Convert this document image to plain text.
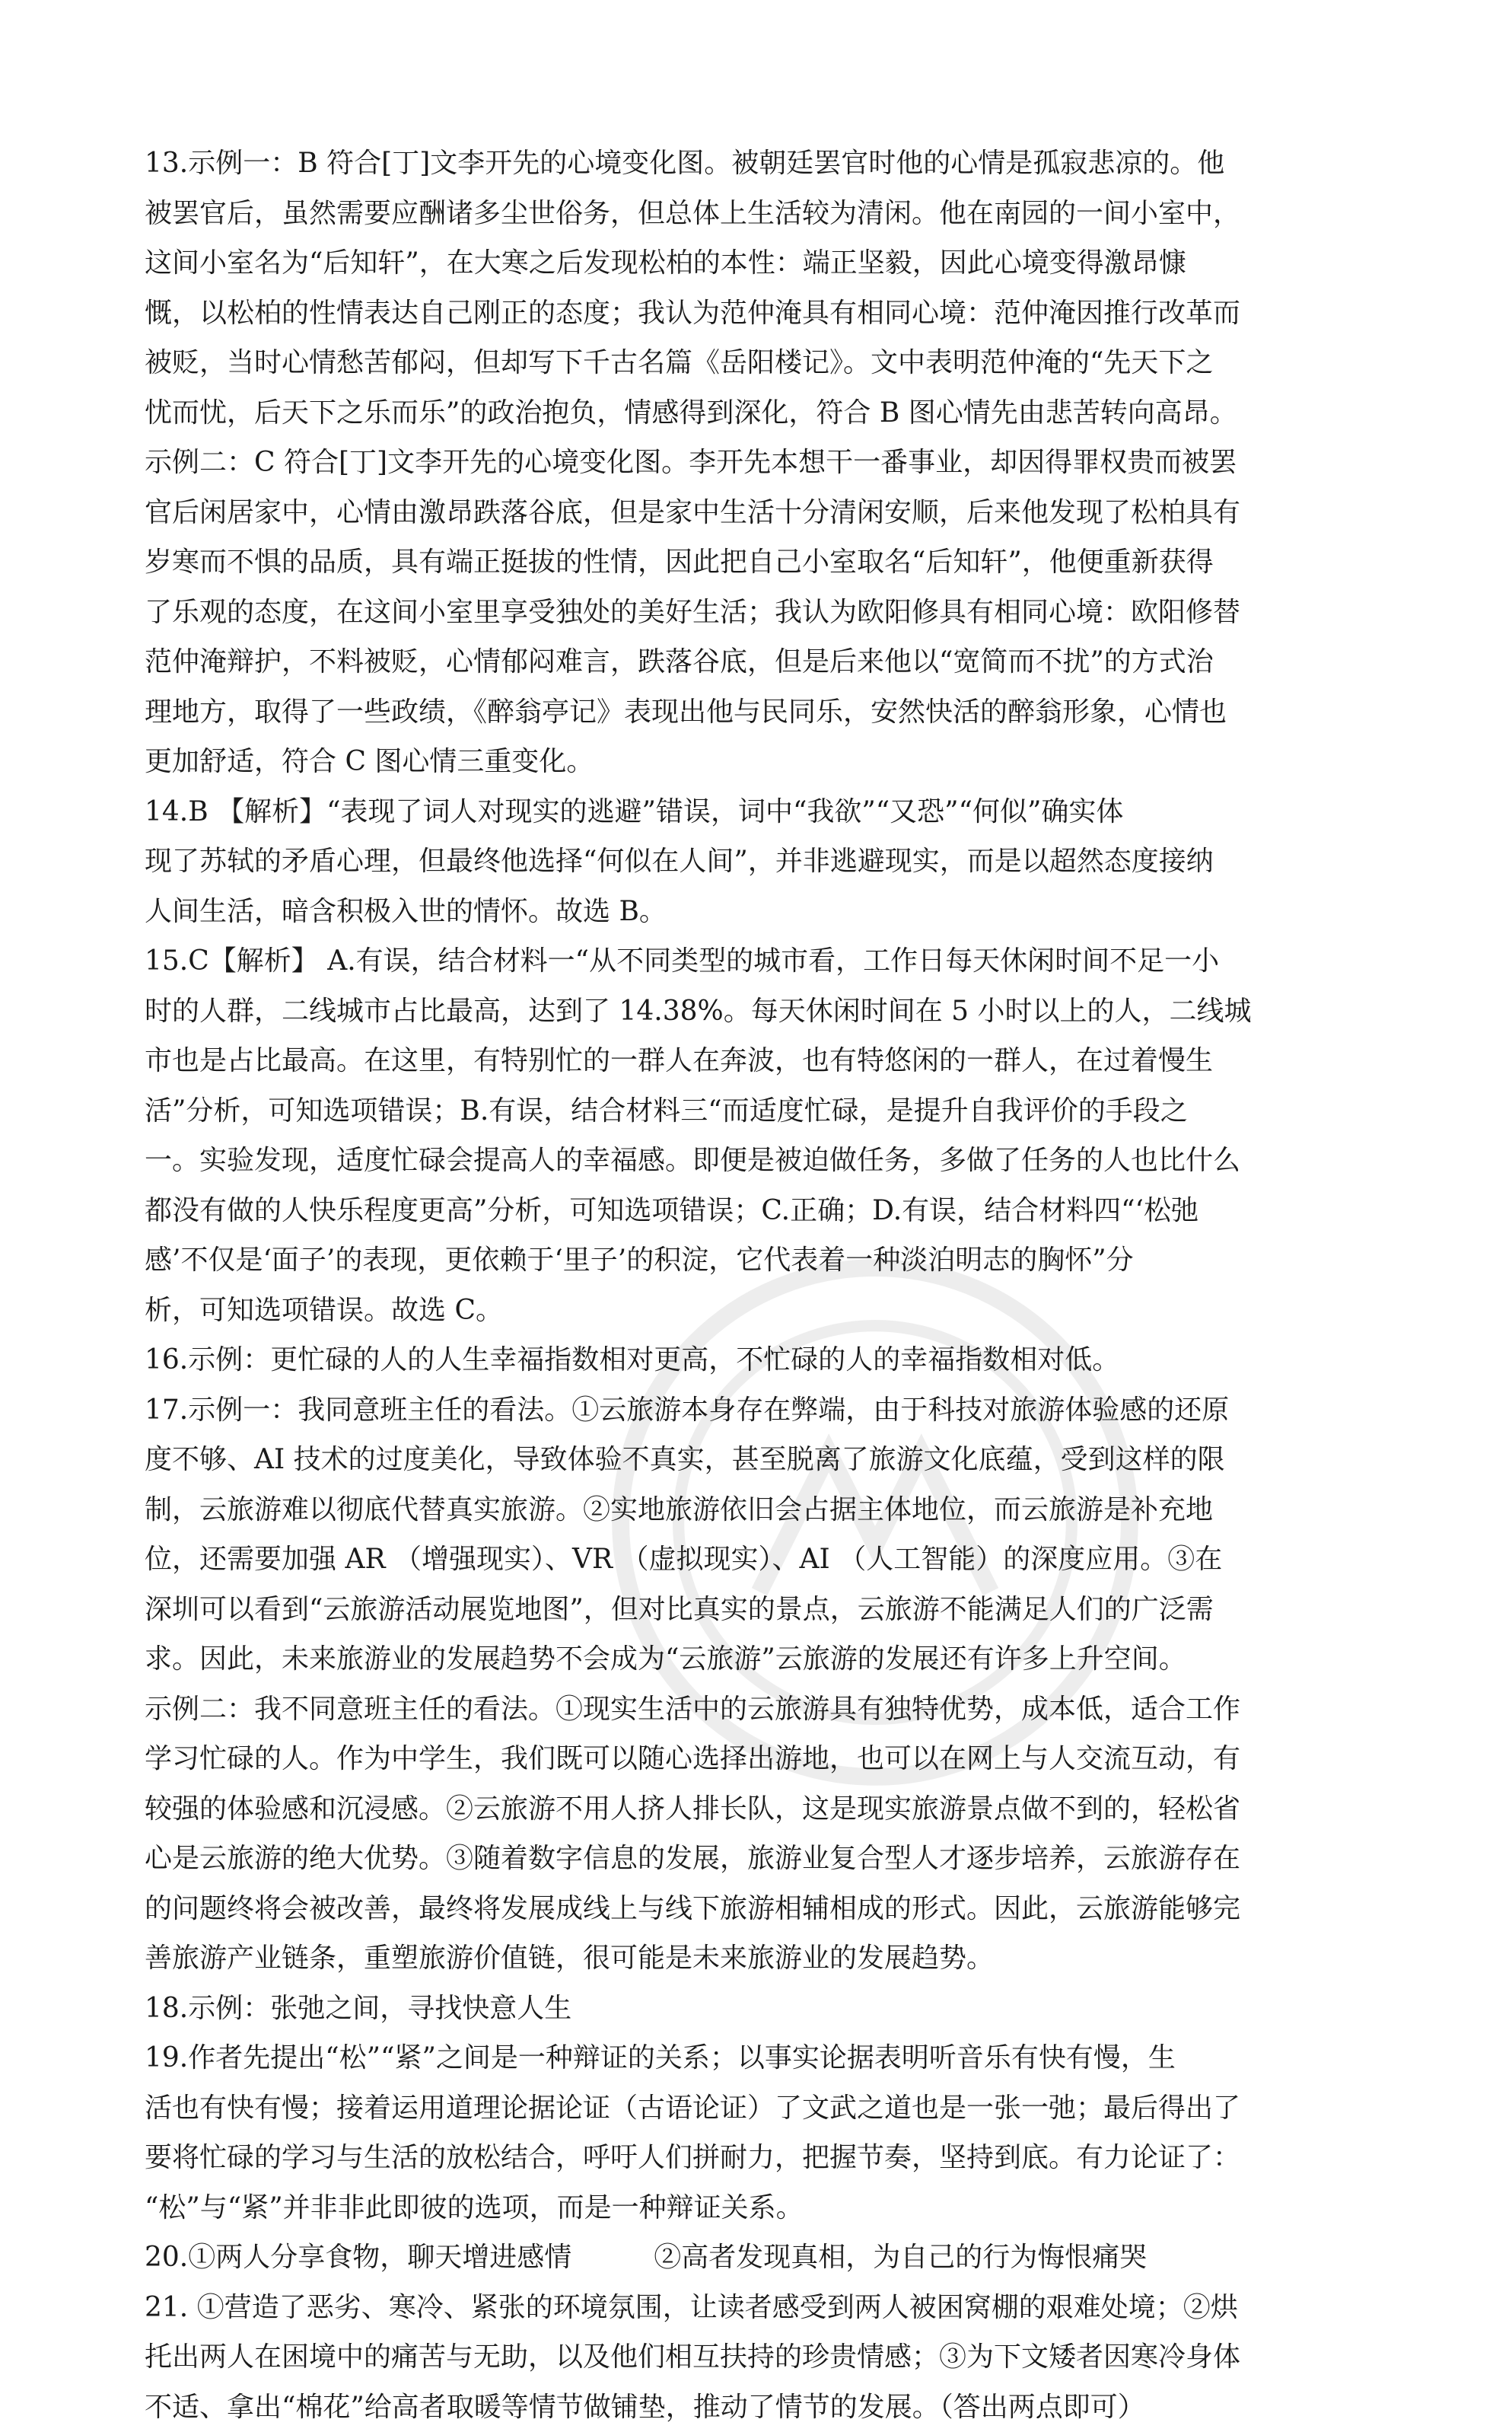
13.示例一：B 符合[丁]文李开先的心境变化图。被朝廷罢官时他的心情是孤寂悲凉的。他

被罢官后，虽然需要应酬诸多尘世俗务，但总体上生活较为清闲。他在南园的一间小室中，

这间小室名为“后知轩”，在大寒之后发现松柏的本性：端正坚毅，因此心境变得激昂慷

慨，以松柏的性情表达自己刚正的态度；我认为范仲淹具有相同心境：范仲淹因推行改革而

被贬，当时心情愁苦郁闷，但却写下千古名篇《岳阳楼记》。文中表明范仲淹的“先天下之

忧而忧，后天下之乐而乐”的政治抱负，情感得到深化，符合 B 图心情先由悲苦转向高昂。

示例二：C 符合[丁]文李开先的心境变化图。李开先本想干一番事业，却因得罪权贵而被罢

官后闲居家中，心情由激昂跌落谷底，但是家中生活十分清闲安顺，后来他发现了松柏具有

岁寒而不惧的品质，具有端正挺拔的性情，因此把自己小室取名“后知轩”，他便重新获得

了乐观的态度，在这间小室里享受独处的美好生活；我认为欧阳修具有相同心境：欧阳修替

范仲淹辩护，不料被贬，心情郁闷难言，跌落谷底，但是后来他以“宽简而不扰”的方式治

理地方，取得了一些政绩，《醉翁亭记》表现出他与民同乐，安然快活的醉翁形象，心情也

更加舒适，符合 C 图心情三重变化。

14.B 【解析】“表现了词人对现实的逃避”错误，词中“我欲”“又恐”“何似”确实体

现了苏轼的矛盾心理，但最终他选择“何似在人间”，并非逃避现实，而是以超然态度接纳

人间生活，暗含积极入世的情怀。故选 B。

15.C【解析】 A.有误，结合材料一“从不同类型的城市看，工作日每天休闲时间不足一小

时的人群，二线城市占比最高，达到了 14.38%。每天休闲时间在 5 小时以上的人，二线城

市也是占比最高。在这里，有特别忙的一群人在奔波，也有特悠闲的一群人，在过着慢生

活”分析，可知选项错误；B.有误，结合材料三“而适度忙碌，是提升自我评价的手段之

一。实验发现，适度忙碌会提高人的幸福感。即便是被迫做任务，多做了任务的人也比什么

都没有做的人快乐程度更高”分析，可知选项错误；C.正确；D.有误，结合材料四“‘松弛

感’不仅是‘面子’的表现，更依赖于‘里子’的积淀，它代表着一种淡泊明志的胸怀”分

析，可知选项错误。故选 C。

16.示例：更忙碌的人的人生幸福指数相对更高，不忙碌的人的幸福指数相对低。

17.示例一：我同意班主任的看法。①云旅游本身存在弊端，由于科技对旅游体验感的还原

度不够、AI 技术的过度美化，导致体验不真实，甚至脱离了旅游文化底蕴，受到这样的限

制，云旅游难以彻底代替真实旅游。②实地旅游依旧会占据主体地位，而云旅游是补充地

位，还需要加强 AR （增强现实）、VR （虚拟现实）、AI （人工智能）的深度应用。③在

深圳可以看到“云旅游活动展览地图”，但对比真实的景点，云旅游不能满足人们的广泛需

求。因此，未来旅游业的发展趋势不会成为“云旅游”云旅游的发展还有许多上升空间。

示例二：我不同意班主任的看法。①现实生活中的云旅游具有独特优势，成本低，适合工作

学习忙碌的人。作为中学生，我们既可以随心选择出游地，也可以在网上与人交流互动，有

较强的体验感和沉浸感。②云旅游不用人挤人排长队，这是现实旅游景点做不到的，轻松省

心是云旅游的绝大优势。③随着数字信息的发展，旅游业复合型人才逐步培养，云旅游存在

的问题终将会被改善，最终将发展成线上与线下旅游相辅相成的形式。因此，云旅游能够完

善旅游产业链条，重塑旅游价值链，很可能是未来旅游业的发展趋势。

18.示例：张弛之间，寻找快意人生

19.作者先提出“松”“紧”之间是一种辩证的关系；以事实论据表明听音乐有快有慢，生

活也有快有慢；接着运用道理论据论证（古语论证）了文武之道也是一张一弛；最后得出了

要将忙碌的学习与生活的放松结合，呼吁人们拼耐力，把握节奏，坚持到底。有力论证了：

“松”与“紧”并非非此即彼的选项，而是一种辩证关系。

20.①两人分享食物，聊天增进感情　　　②高者发现真相，为自己的行为悔恨痛哭

21. ①营造了恶劣、寒冷、紧张的环境氛围，让读者感受到两人被困窝棚的艰难处境；②烘

托出两人在困境中的痛苦与无助，以及他们相互扶持的珍贵情感；③为下文矮者因寒冷身体

不适、拿出“棉花”给高者取暖等情节做铺垫，推动了情节的发展。（答出两点即可）
